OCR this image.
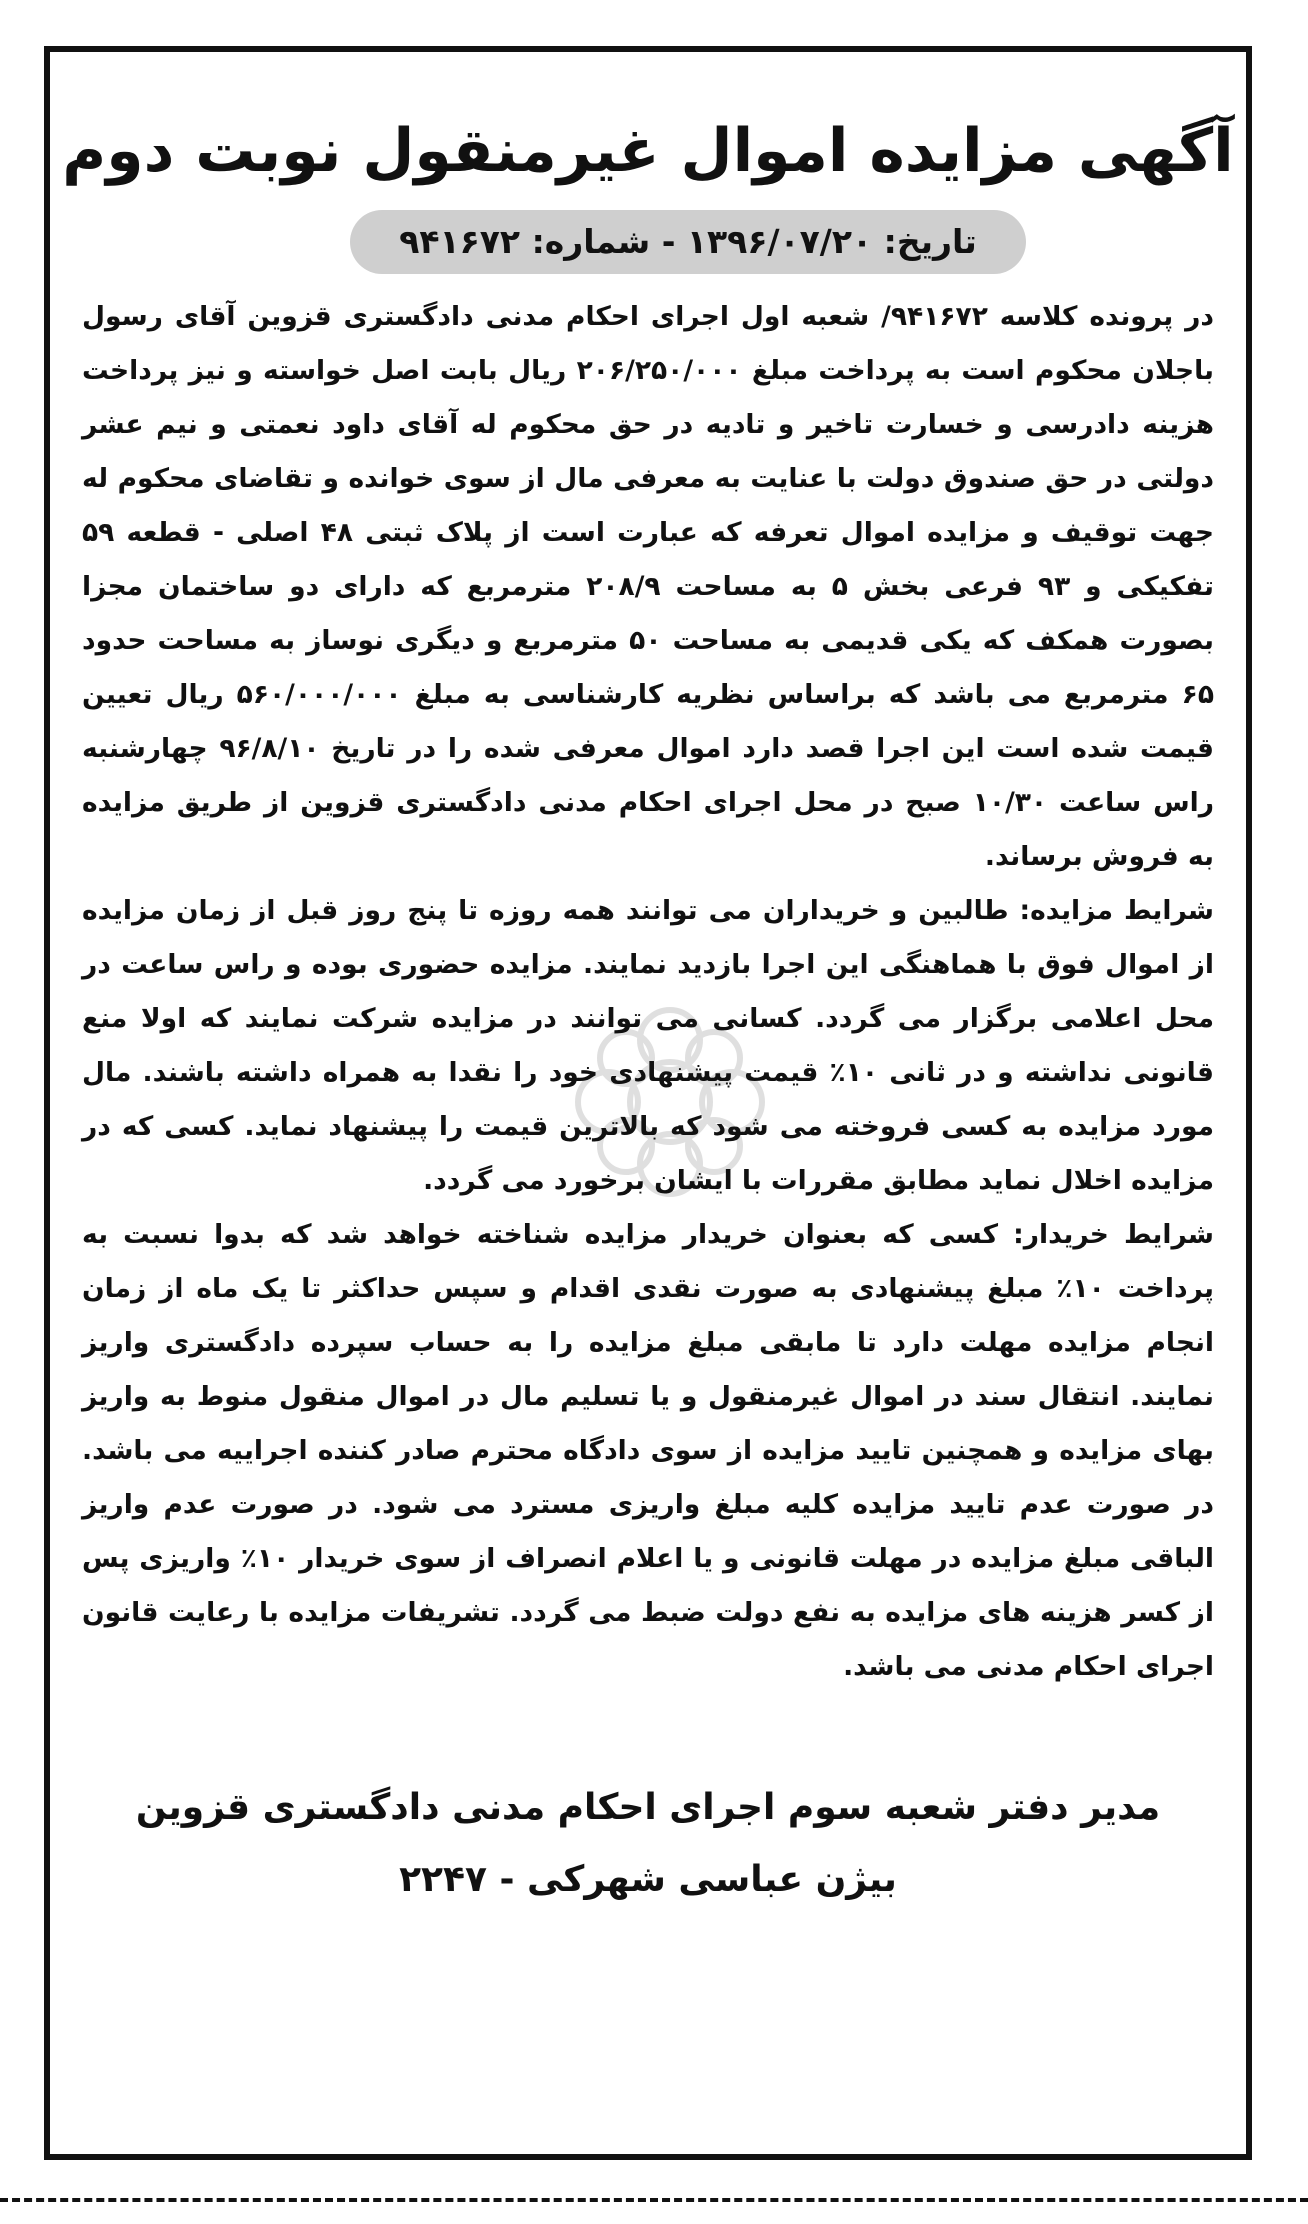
آگهی مزایده اموال غیرمنقول نوبت دوم
تاریخ: ۱۳۹۶/۰۷/۲۰ - شماره: ۹۴۱۶۷۲

در پرونده کلاسه ۹۴۱۶۷۲/ شعبه اول اجرای احکام مدنی دادگستری قزوین آقای رسول باجلان محکوم است به پرداخت مبلغ ۲۰۶/۲۵۰/۰۰۰ ریال بابت اصل خواسته و نیز پرداخت هزینه دادرسی و خسارت تاخیر و تادیه در حق محکوم له آقای داود نعمتی و نیم عشر دولتی در حق صندوق دولت با عنایت به معرفی مال از سوی خوانده و تقاضای محکوم له جهت توقیف و مزایده اموال تعرفه که عبارت است از پلاک ثبتی ۴۸ اصلی - قطعه ۵۹ تفکیکی و ۹۳ فرعی بخش ۵ به مساحت ۲۰۸/۹ مترمربع که دارای دو ساختمان مجزا بصورت همکف که یکی قدیمی به مساحت ۵۰ مترمربع و دیگری نوساز به مساحت حدود ۶۵ مترمربع می باشد که براساس نظریه کارشناسی به مبلغ ۵۶۰/۰۰۰/۰۰۰ ریال تعیین قیمت شده است این اجرا قصد دارد اموال معرفی شده را در تاریخ ۹۶/۸/۱۰ چهارشنبه راس ساعت ۱۰/۳۰ صبح در محل اجرای احکام مدنی دادگستری قزوین از طریق مزایده به فروش برساند.

شرایط مزایده: طالبین و خریداران می توانند همه روزه تا پنج روز قبل از زمان مزایده از اموال فوق با هماهنگی این اجرا بازدید نمایند. مزایده حضوری بوده و راس ساعت در محل اعلامی برگزار می گردد. کسانی می توانند در مزایده شرکت نمایند که اولا منع قانونی نداشته و در ثانی ۱۰٪ قیمت پیشنهادی خود را نقدا به همراه داشته باشند. مال مورد مزایده به کسی فروخته می شود که بالاترین قیمت را پیشنهاد نماید. کسی که در مزایده اخلال نماید مطابق مقررات با ایشان برخورد می گردد.

شرایط خریدار: کسی که بعنوان خریدار مزایده شناخته خواهد شد که بدوا نسبت به پرداخت ۱۰٪ مبلغ پیشنهادی به صورت نقدی اقدام و سپس حداکثر تا یک ماه از زمان انجام مزایده مهلت دارد تا مابقی مبلغ مزایده را به حساب سپرده دادگستری واریز نمایند. انتقال سند در اموال غیرمنقول و یا تسلیم مال در اموال منقول منوط به واریز بهای مزایده و همچنین تایید مزایده از سوی دادگاه محترم صادر کننده اجراییه می باشد. در صورت عدم تایید مزایده کلیه مبلغ واریزی مسترد می شود. در صورت عدم واریز الباقی مبلغ مزایده در مهلت قانونی و یا اعلام انصراف از سوی خریدار ۱۰٪ واریزی پس از کسر هزینه های مزایده به نفع دولت ضبط می گردد. تشریفات مزایده با رعایت قانون اجرای احکام مدنی می باشد.

مدیر دفتر شعبه سوم اجرای احکام مدنی دادگستری قزوین
بیژن عباسی شهرکی - ۲۲۴۷
